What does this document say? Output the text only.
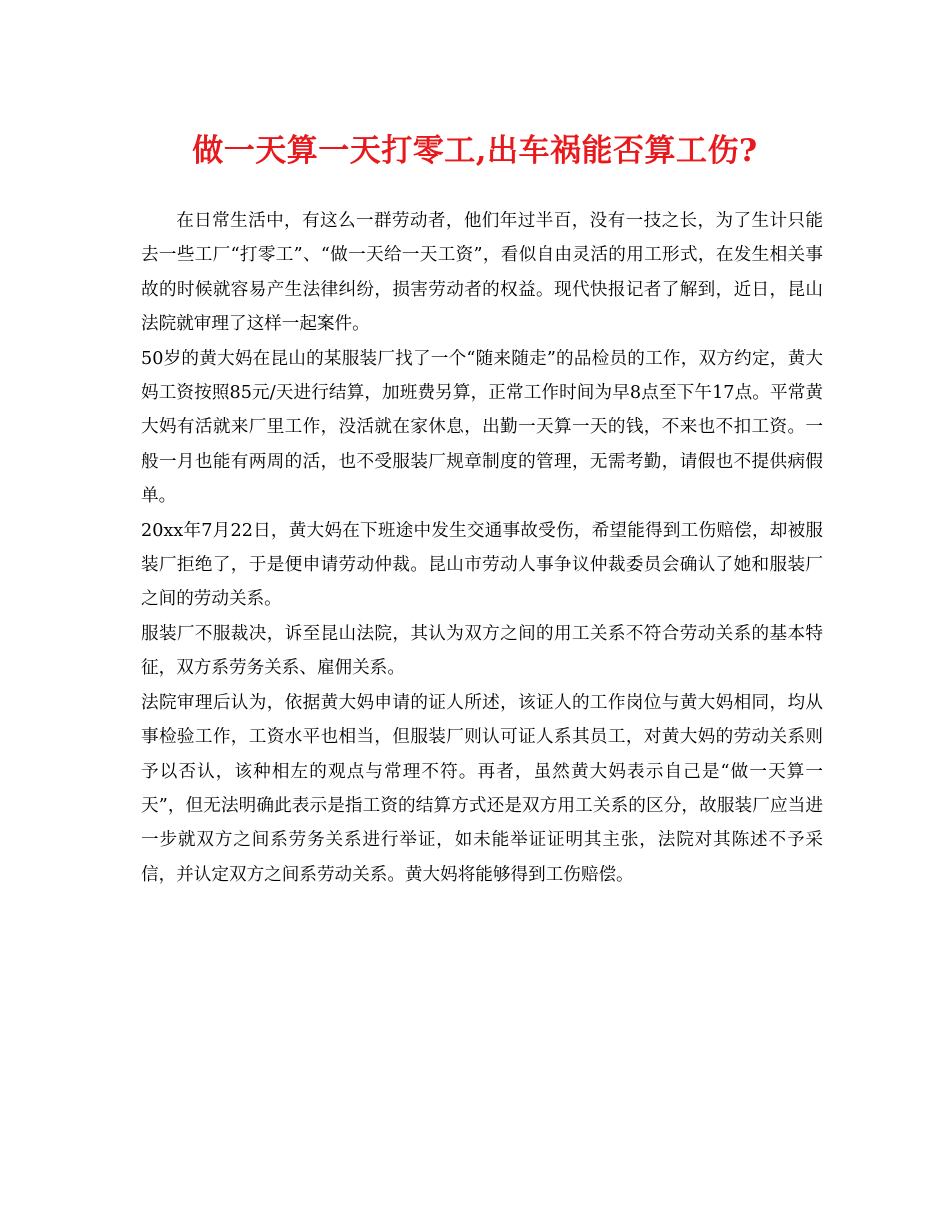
做一天算一天打零工,出车祸能否算工伤?

在日常生活中，有这么一群劳动者，他们年过半百，没有一技之长，为了生计只能去一些工厂“打零工”、“做一天给一天工资”，看似自由灵活的用工形式，在发生相关事故的时候就容易产生法律纠纷，损害劳动者的权益。现代快报记者了解到，近日，昆山法院就审理了这样一起案件。

50岁的黄大妈在昆山的某服装厂找了一个“随来随走”的品检员的工作，双方约定，黄大妈工资按照85元/天进行结算，加班费另算，正常工作时间为早8点至下午17点。平常黄大妈有活就来厂里工作，没活就在家休息，出勤一天算一天的钱，不来也不扣工资。一般一月也能有两周的活，也不受服装厂规章制度的管理，无需考勤，请假也不提供病假单。

20xx年7月22日，黄大妈在下班途中发生交通事故受伤，希望能得到工伤赔偿，却被服装厂拒绝了，于是便申请劳动仲裁。昆山市劳动人事争议仲裁委员会确认了她和服装厂之间的劳动关系。

服装厂不服裁决，诉至昆山法院，其认为双方之间的用工关系不符合劳动关系的基本特征，双方系劳务关系、雇佣关系。

法院审理后认为，依据黄大妈申请的证人所述，该证人的工作岗位与黄大妈相同，均从事检验工作，工资水平也相当，但服装厂则认可证人系其员工，对黄大妈的劳动关系则予以否认，该种相左的观点与常理不符。再者，虽然黄大妈表示自己是“做一天算一天”，但无法明确此表示是指工资的结算方式还是双方用工关系的区分，故服装厂应当进一步就双方之间系劳务关系进行举证，如未能举证证明其主张，法院对其陈述不予采信，并认定双方之间系劳动关系。黄大妈将能够得到工伤赔偿。
